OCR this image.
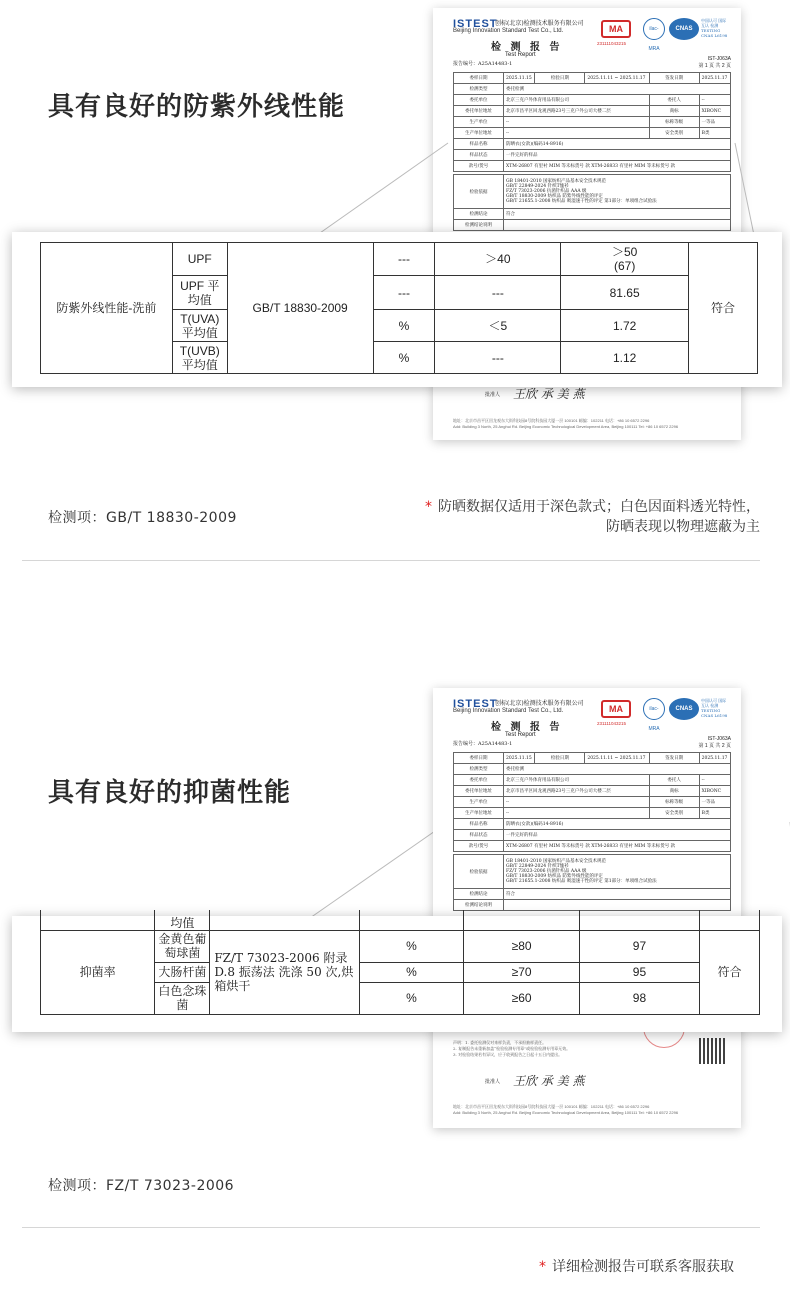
ISTEST
创标(北京)检测技术服务有限公司
Beijing Innovation Standard Test Co., Ltd.
检 测 报 告
Test Report
MA
231111043215
ilac-MRA
CNAS
中国认可 国际互认 检测 TESTING CNAS L6198
IST-J063A
第 1 页 共 2 页
报告编号：A25A14483-1
委样日期	2025.11.15	检验日期	2025.11.11 ~ 2025.11.17	签发日期	2025.11.17
检测类型	委托检测				
委托单位	北京三克户外体育用品有限公司			委托人	--
委托单位地址	北京市昌平区回龙观西路23号三克户外公司大楼二层			商标	XIBONC
生产单位	--			标称等级	一等品
生产单位地址	--			安全类别	B类
样品名称	防晒衣(女款)(编码14-8916)				
样品状态	一件完好的样品				
款号/货号	XTM-26807 有里衬 MIM 等未标货号 款 XTM-26833 有里衬 MIM 等未标货号 款				
检验依据	GB 18401-2010 国家纺织产品基本安全技术规范
GB/T 22849-2024 针织T恤衫
FZ/T 73023-2006 抗菌针织品 AAA 级
GB/T 18830-2009 纺织品 防紫外线性能的评定
GB/T 21655.1-2008 纺织品 吸湿速干性的评定 第1部分：单项组合试验法

检测结论	符合
检测结论说明	
批准人 王欣 承 美 燕
地址：北京市昌平区回龙观东大街科技园8号院科技园大厦一层 100101 邮编：102211 电话：+86 10 6572 2296
Add: Building 3 North, 25 Anghui Rd. Beijing Economic Technological Development Area, Beijing 100111 Tel: +86 10 6572 2296
具有良好的防紫外线性能
防紫外线性能-洗前	UPF	GB/T 18830-2009	---	＞40	＞50
(67)	符合
	UPF 平均值		---	---	81.65	
	T(UVA)平均值		%	＜5	1.72	
	T(UVB)平均值		%	---	1.12	
检测项：GB/T 18830-2009
* 防晒数据仅适用于深色款式；白色因面料透光特性，
防晒表现以物理遮蔽为主
ISTEST
创标(北京)检测技术服务有限公司
Beijing Innovation Standard Test Co., Ltd.
检 测 报 告
Test Report
MA
231111043215
ilac-MRA
CNAS
中国认可 国际互认 检测 TESTING CNAS L6198
IST-J063A
第 1 页 共 2 页
报告编号：A25A14483-1
委样日期	2025.11.15	检验日期	2025.11.11 ~ 2025.11.17	签发日期	2025.11.17
检测类型	委托检测				
委托单位	北京三克户外体育用品有限公司			委托人	--
委托单位地址	北京市昌平区回龙观西路23号三克户外公司大楼二层			商标	XIBONC
生产单位	--			标称等级	一等品
生产单位地址	--			安全类别	B类
样品名称	防晒衣(女款)(编码14-8916)				
样品状态	一件完好的样品				
款号/货号	XTM-26807 有里衬 MIM 等未标货号 款 XTM-26833 有里衬 MIM 等未标货号 款				
检验依据	GB 18401-2010 国家纺织产品基本安全技术规范
GB/T 22849-2024 针织T恤衫
FZ/T 73023-2006 抗菌针织品 AAA 级
GB/T 18830-2009 纺织品 防紫外线性能的评定
GB/T 21655.1-2008 纺织品 吸湿速干性的评定 第1部分：单项组合试验法

检测结论	符合
检测结论说明	
声明：1. 委托检测仅对来样负责，不承担抽样责任。
2. 复制报告未重新加盖“检验检测专用章”或检验检测专用章无效。
3. 对检验结果若有异议，应于收到报告之日起十五日内提出。
批准人 王欣 承 美 燕
地址：北京市昌平区回龙观东大街科技园8号院科技园大厦一层 100101 邮编：102211 电话：+86 10 6572 2296
Add: Building 3 North, 25 Anghui Rd. Beijing Economic Technological Development Area, Beijing 100111 Tel: +86 10 6572 2296
具有良好的抑菌性能
	均值					
抑菌率	金黄色葡萄球菌	FZ/T 73023-2006 附录 D.8 振荡法 洗涤 50 次,烘箱烘干	%	≥80	97	符合
	大肠杆菌		%	≥70	95	
	白色念珠菌		%	≥60	98	
检测项：FZ/T 73023-2006
* 详细检测报告可联系客服获取
